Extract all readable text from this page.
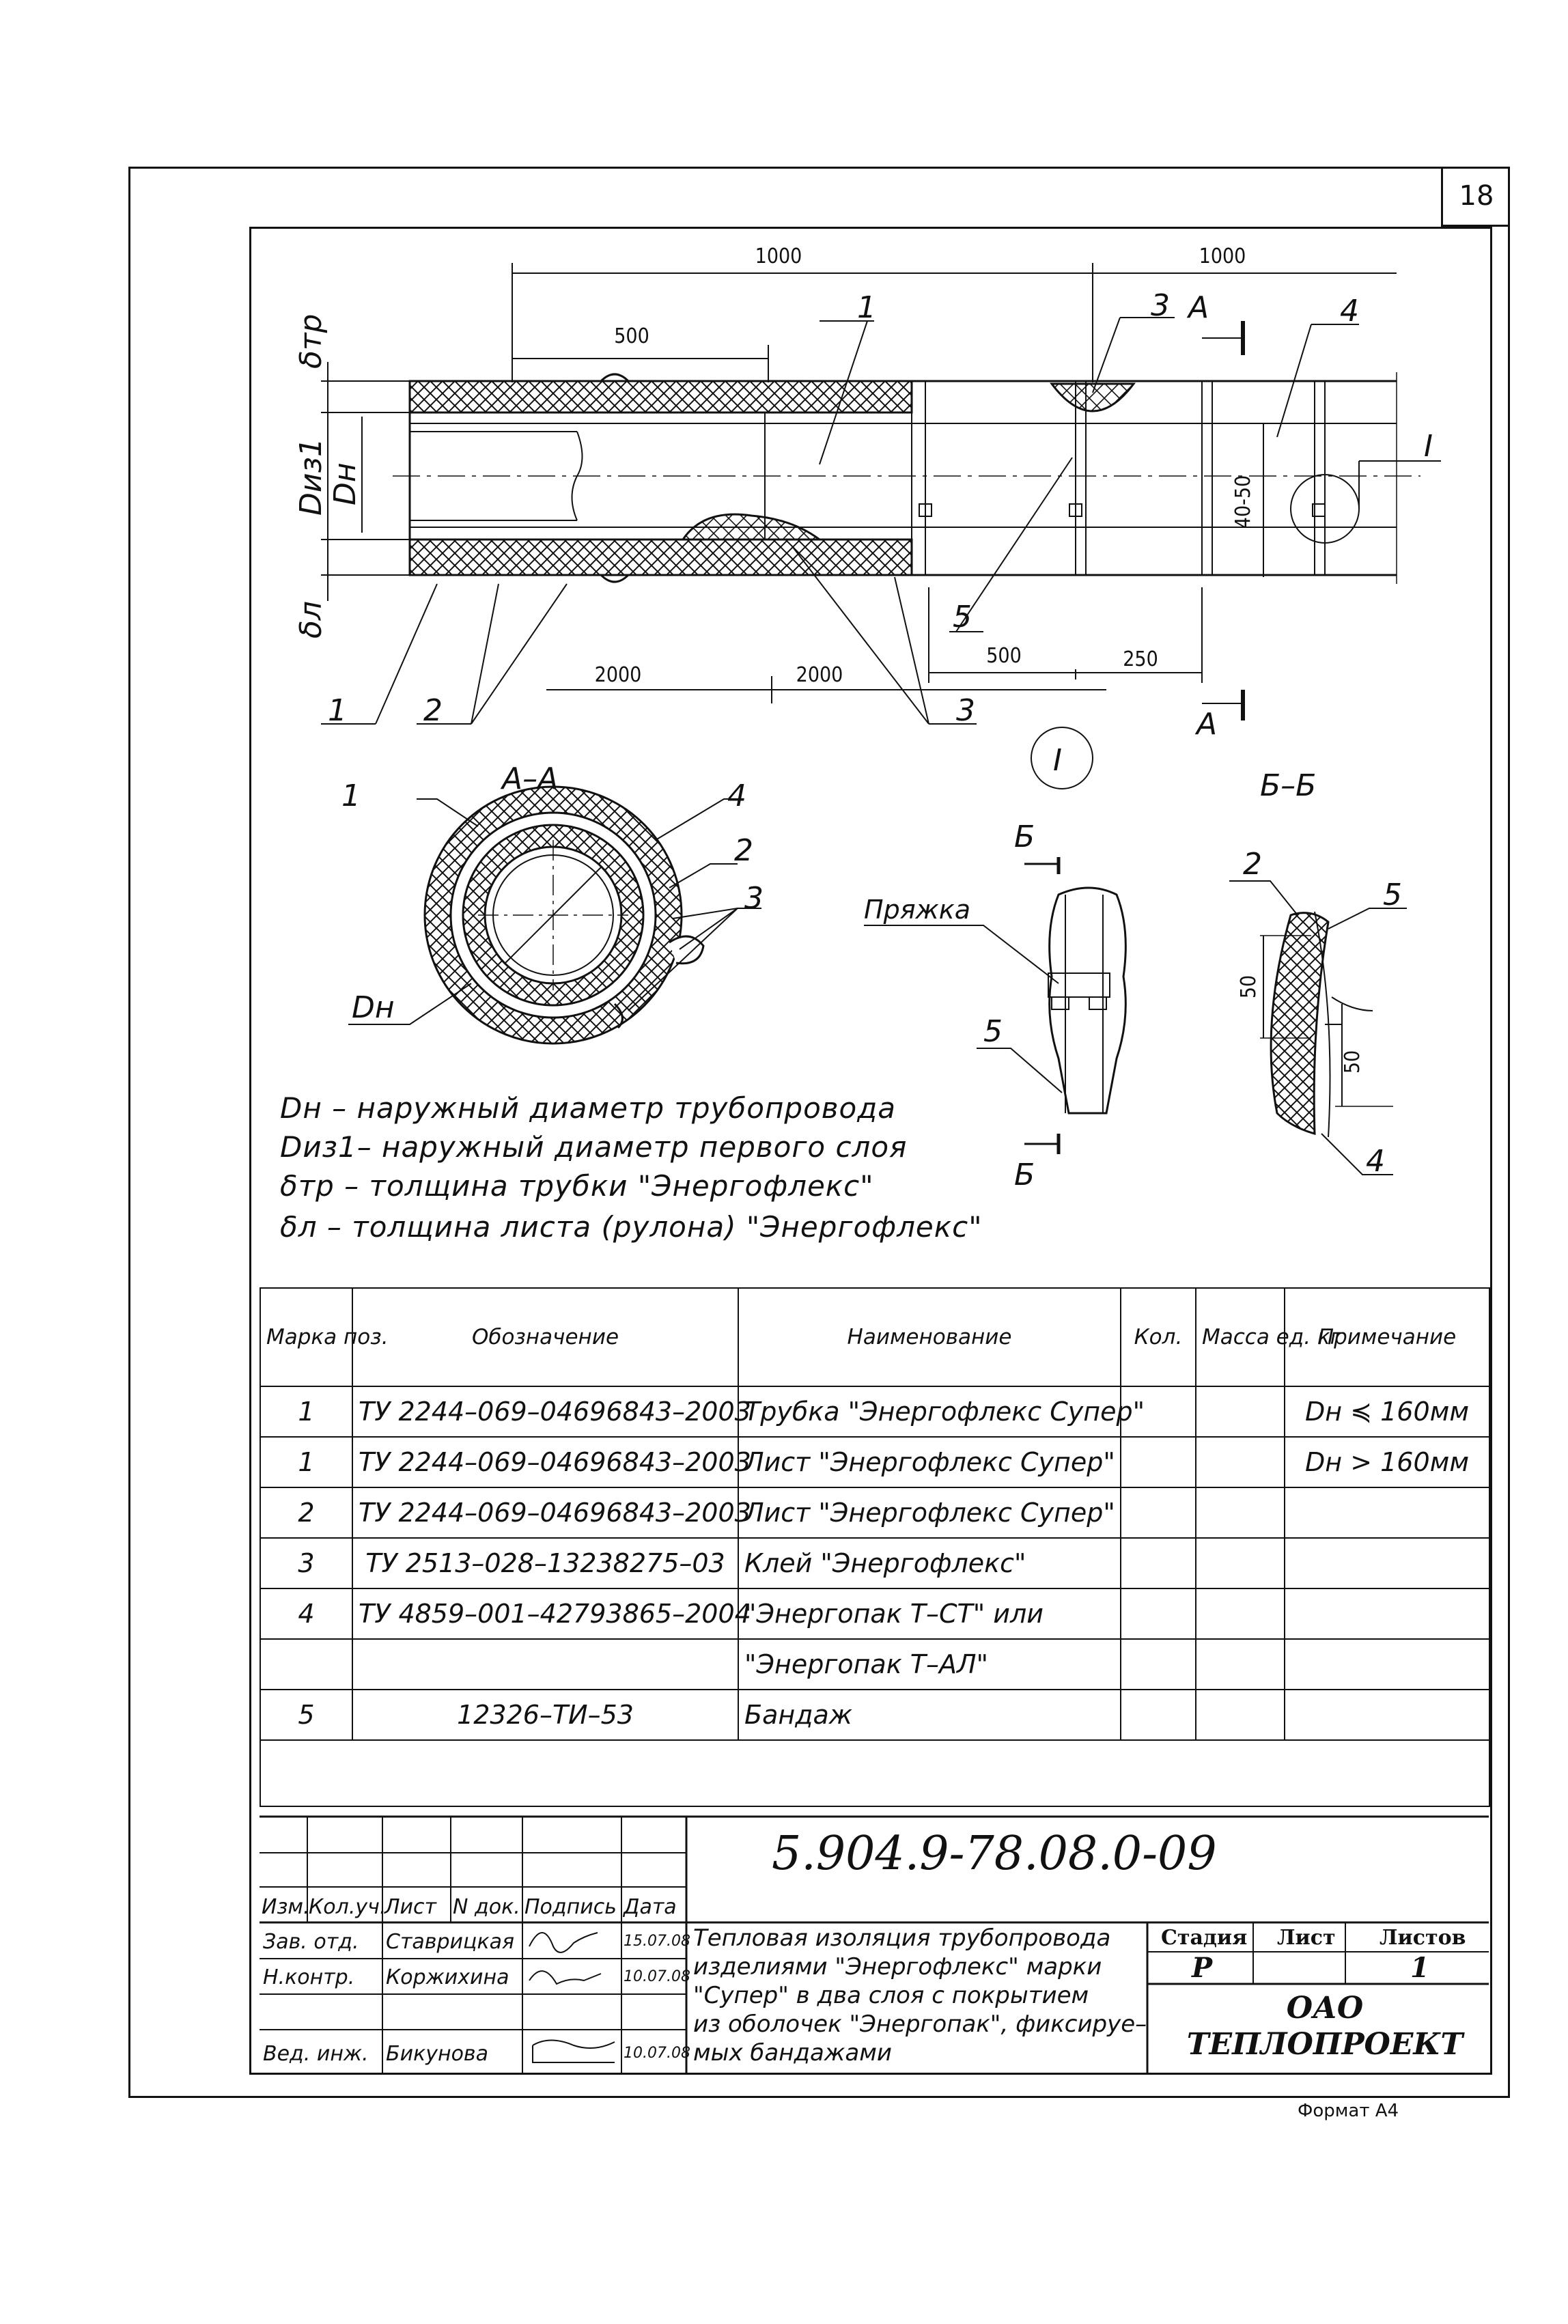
18
1000	1000
500
2000	2000
500	250
40-50
50
50
1	3	4
I
А
А
1	2	3
5
I
А–А	Б–Б
1	4
2
3
Dн
Б
Б
Пряжка
5
2
5
4
δтр
Dиз1 Dн
δл
Dн – наружный диаметр трубопровода
Dиз1– наружный диаметр первого слоя
δтр – толщина трубки "Энергофлекс"
δл – толщина листа (рулона) "Энергофлекс"
Марка поз.	Обозначение	Наименование	Кол.	Масса ед. кг	Примечание
1	ТУ 2244–069–04696843–2003	Трубка "Энергофлекс Супер"			Dн ≼ 160мм
1	ТУ 2244–069–04696843–2003	Лист "Энергофлекс Супер"			Dн > 160мм
2	ТУ 2244–069–04696843–2003	Лист "Энергофлекс Супер"			
3	ТУ 2513–028–13238275–03	Клей "Энергофлекс"			
4	ТУ 4859–001–42793865–2004	"Энергопак Т–СТ" или			
		"Энергопак Т–АЛ"			
5	12326–ТИ–53	Бандаж			

5.904.9-78.08.0-09
Изм.
Кол.уч.
Лист N док. Подпись Дата
Зав. отд. Ставрицкая	15.07.08
Н.контр. Коржихина	10.07.08
Вед. инж. Бикунова	10.07.08
Тепловая изоляция трубопровода
изделиями "Энергофлекс" марки
"Супер" в два слоя с покрытием
из оболочек "Энергопак", фиксируе–
мых бандажами
Стадия Лист Листов
Р	1
ОАО
ТЕПЛОПРОЕКТ
Формат А4
